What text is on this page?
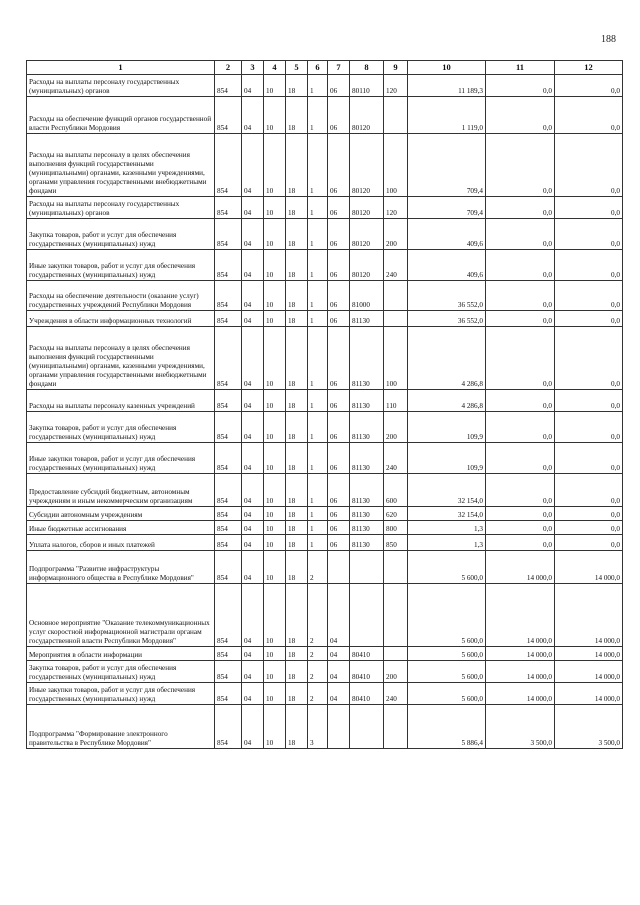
188
1	2	3	4	5	6	7	8	9	10	11	12
Расходы на выплаты персоналу государственных (муниципальных) органов	854	04	10	18	1	06	80110	120	11 189,3	0,0	0,0
Расходы на обеспечение функций органов государственной власти Республики Мордовия	854	04	10	18	1	06	80120		1 119,0	0,0	0,0
Расходы на выплаты персоналу в целях обеспечения выполнения функций государственными (муниципальными) органами, казенными учреждениями, органами управления государственными внебюджетными фондами	854	04	10	18	1	06	80120	100	709,4	0,0	0,0
Расходы на выплаты персоналу государственных (муниципальных) органов	854	04	10	18	1	06	80120	120	709,4	0,0	0,0
Закупка товаров, работ и услуг для обеспечения государственных (муниципальных) нужд	854	04	10	18	1	06	80120	200	409,6	0,0	0,0
Иные закупки товаров, работ и услуг для обеспечения государственных (муниципальных) нужд	854	04	10	18	1	06	80120	240	409,6	0,0	0,0
Расходы на обеспечение деятельности (оказание услуг) государственных учреждений Республики Мордовия	854	04	10	18	1	06	81000		36 552,0	0,0	0,0
Учреждения в области информационных технологий	854	04	10	18	1	06	81130		36 552,0	0,0	0,0
Расходы на выплаты персоналу в целях обеспечения выполнения функций государственными (муниципальными) органами, казенными учреждениями, органами управления государственными внебюджетными фондами	854	04	10	18	1	06	81130	100	4 286,8	0,0	0,0
Расходы на выплаты персоналу казенных учреждений	854	04	10	18	1	06	81130	110	4 286,8	0,0	0,0
Закупка товаров, работ и услуг для обеспечения государственных (муниципальных) нужд	854	04	10	18	1	06	81130	200	109,9	0,0	0,0
Иные закупки товаров, работ и услуг для обеспечения государственных (муниципальных) нужд	854	04	10	18	1	06	81130	240	109,9	0,0	0,0
Предоставление субсидий бюджетным, автономным учреждениям и иным некоммерческим организациям	854	04	10	18	1	06	81130	600	32 154,0	0,0	0,0
Субсидии автономным учреждениям	854	04	10	18	1	06	81130	620	32 154,0	0,0	0,0
Иные бюджетные ассигнования	854	04	10	18	1	06	81130	800	1,3	0,0	0,0
Уплата налогов, сборов и иных платежей	854	04	10	18	1	06	81130	850	1,3	0,0	0,0
Подпрограмма "Развитие инфраструктуры информационного общества в Республике Мордовия"	854	04	10	18	2				5 600,0	14 000,0	14 000,0
Основное мероприятие "Оказание телекоммуникационных услуг скоростной информационной магистрали органам государственной власти Республики Мордовия"	854	04	10	18	2	04			5 600,0	14 000,0	14 000,0
Мероприятия в области информации	854	04	10	18	2	04	80410		5 600,0	14 000,0	14 000,0
Закупка товаров, работ и услуг для обеспечения государственных (муниципальных) нужд	854	04	10	18	2	04	80410	200	5 600,0	14 000,0	14 000,0
Иные закупки товаров, работ и услуг для обеспечения государственных (муниципальных) нужд	854	04	10	18	2	04	80410	240	5 600,0	14 000,0	14 000,0
Подпрограмма "Формирование электронного правительства в Республике Мордовия"	854	04	10	18	3				5 886,4	3 500,0	3 500,0
